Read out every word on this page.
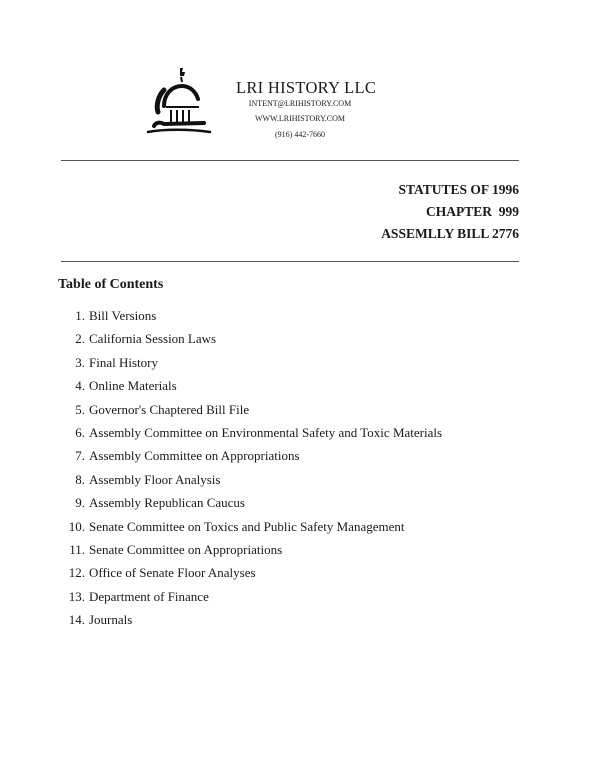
LRI HISTORY LLC
INTENT@LRIHISTORY.COM
WWW.LRIHISTORY.COM
(916) 442-7660
STATUTES OF 1996
CHAPTER  999
ASSEMLLY BILL 2776
Table of Contents
1. Bill Versions
2. California Session Laws
3. Final History
4. Online Materials
5. Governor's Chaptered Bill File
6. Assembly Committee on Environmental Safety and Toxic Materials
7. Assembly Committee on Appropriations
8. Assembly Floor Analysis
9. Assembly Republican Caucus
10. Senate Committee on Toxics and Public Safety Management
11. Senate Committee on Appropriations
12. Office of Senate Floor Analyses
13. Department of Finance
14. Journals
